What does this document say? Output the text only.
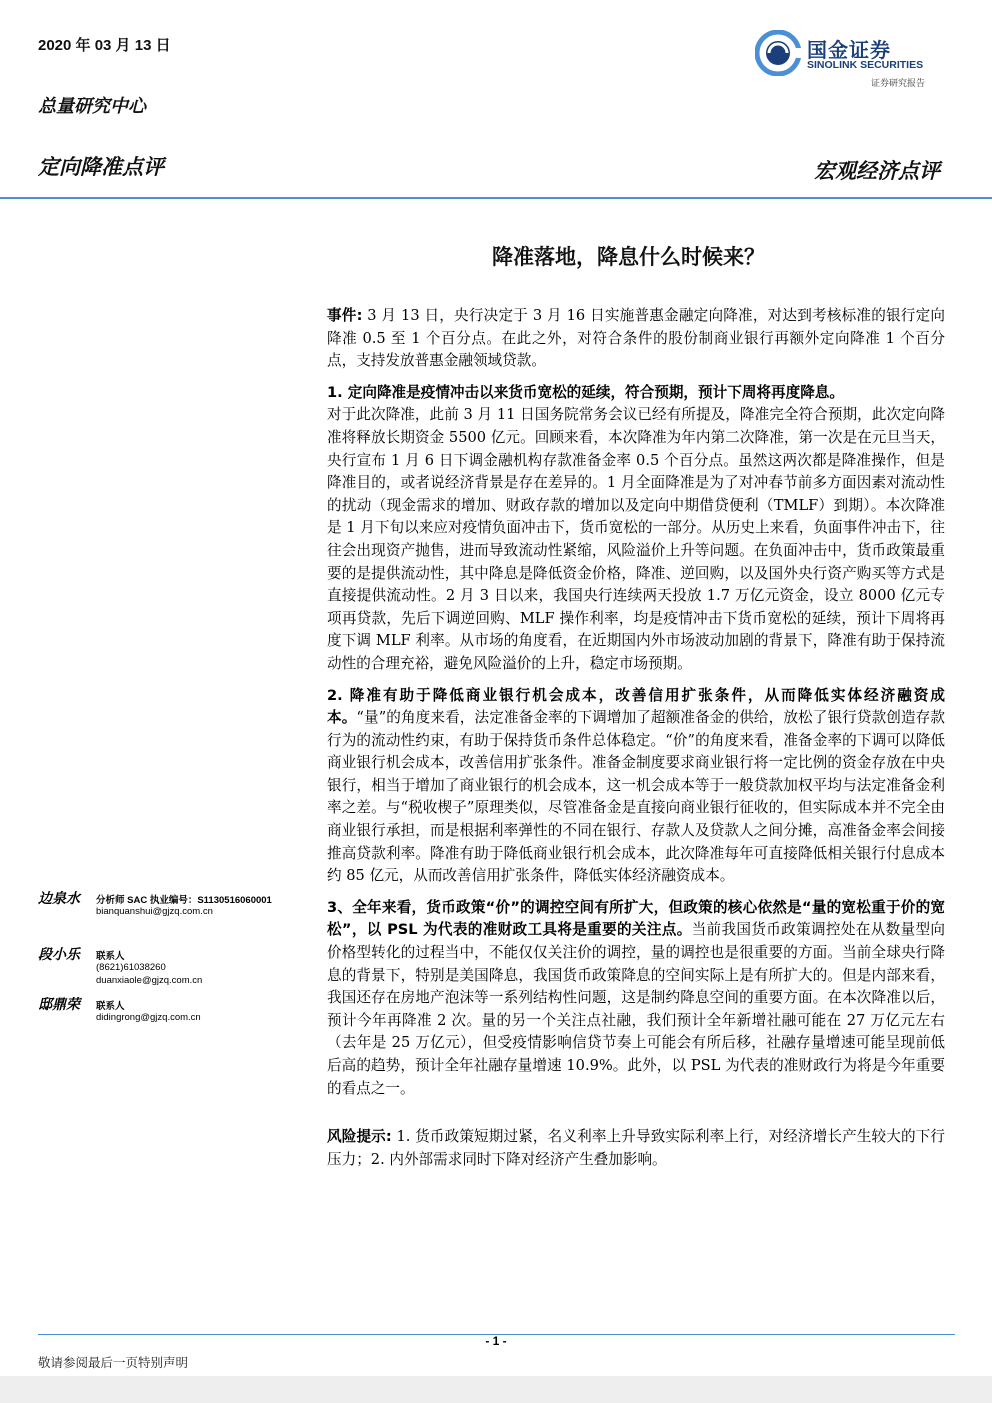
2020 年 03 月 13 日
总量研究中心
定向降准点评	宏观经济点评
国金证券
SINOLINK SECURITIES
证券研究报告
降准落地，降息什么时候来？

事件: 3 月 13 日，央行决定于 3 月 16 日实施普惠金融定向降准，对达到考核标准的银行定向降准 0.5 至 1 个百分点。在此之外，对符合条件的股份制商业银行再额外定向降准 1 个百分点，支持发放普惠金融领域贷款。

1. 定向降准是疫情冲击以来货币宽松的延续，符合预期，预计下周将再度降息。
对于此次降准，此前 3 月 11 日国务院常务会议已经有所提及，降准完全符合预期，此次定向降准将释放长期资金 5500 亿元。回顾来看，本次降准为年内第二次降准，第一次是在元旦当天，央行宣布 1 月 6 日下调金融机构存款准备金率 0.5 个百分点。虽然这两次都是降准操作，但是降准目的，或者说经济背景是存在差异的。1 月全面降准是为了对冲春节前多方面因素对流动性的扰动（现金需求的增加、财政存款的增加以及定向中期借贷便利（TMLF）到期）。本次降准是 1 月下旬以来应对疫情负面冲击下，货币宽松的一部分。从历史上来看，负面事件冲击下，往往会出现资产抛售，进而导致流动性紧缩，风险溢价上升等问题。在负面冲击中，货币政策最重要的是提供流动性，其中降息是降低资金价格，降准、逆回购，以及国外央行资产购买等方式是直接提供流动性。2 月 3 日以来，我国央行连续两天投放 1.7 万亿元资金，设立 8000 亿元专项再贷款，先后下调逆回购、MLF 操作利率，均是疫情冲击下货币宽松的延续，预计下周将再度下调 MLF 利率。从市场的角度看，在近期国内外市场波动加剧的背景下，降准有助于保持流动性的合理充裕，避免风险溢价的上升，稳定市场预期。

2. 降准有助于降低商业银行机会成本，改善信用扩张条件，从而降低实体经济融资成本。“量”的角度来看，法定准备金率的下调增加了超额准备金的供给，放松了银行贷款创造存款行为的流动性约束，有助于保持货币条件总体稳定。“价”的角度来看，准备金率的下调可以降低商业银行机会成本，改善信用扩张条件。准备金制度要求商业银行将一定比例的资金存放在中央银行，相当于增加了商业银行的机会成本，这一机会成本等于一般贷款加权平均与法定准备金利率之差。与“税收楔子”原理类似，尽管准备金是直接向商业银行征收的，但实际成本并不完全由商业银行承担，而是根据利率弹性的不同在银行、存款人及贷款人之间分摊，高准备金率会间接推高贷款利率。降准有助于降低商业银行机会成本，此次降准每年可直接降低相关银行付息成本约 85 亿元，从而改善信用扩张条件，降低实体经济融资成本。

3、全年来看，货币政策“价”的调控空间有所扩大，但政策的核心依然是“量的宽松重于价的宽松”，以 PSL 为代表的准财政工具将是重要的关注点。当前我国货币政策调控处在从数量型向价格型转化的过程当中，不能仅仅关注价的调控，量的调控也是很重要的方面。当前全球央行降息的背景下，特别是美国降息，我国货币政策降息的空间实际上是有所扩大的。但是内部来看，我国还存在房地产泡沫等一系列结构性问题，这是制约降息空间的重要方面。在本次降准以后，预计今年再降准 2 次。量的另一个关注点社融，我们预计全年新增社融可能在 27 万亿元左右（去年是 25 万亿元），但受疫情影响信贷节奏上可能会有所后移，社融存量增速可能呈现前低后高的趋势，预计全年社融存量增速 10.9%。此外，以 PSL 为代表的准财政行为将是今年重要的看点之一。

风险提示: 1. 货币政策短期过紧，名义利率上升导致实际利率上行，对经济增长产生较大的下行压力；2. 内外部需求同时下降对经济产生叠加影响。

边泉水 分析师 SAC 执业编号：S1130516060001
bianquanshui@gjzq.com.cn
段小乐 联系人
(8621)61038260
duanxiaole@gjzq.com.cn
邸鼎荣 联系人
didingrong@gjzq.com.cn
- 1 -
敬请参阅最后一页特别声明
